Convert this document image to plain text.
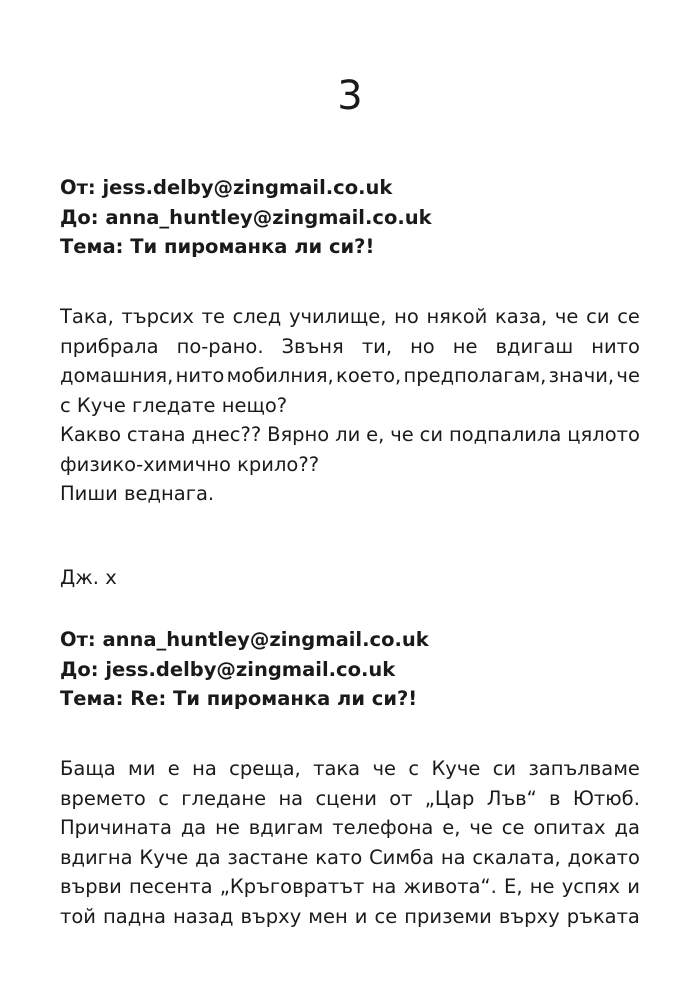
3
От: jess.delby@zingmail.co.uk
До: anna_huntley@zingmail.co.uk
Тема: Ти пироманка ли си?!
Така, търсих те след училище, но някой каза, че си се
прибрала по-рано. Звъня ти, но не вдигаш нито
домашния, нито мобилния, което, предполагам, значи, че
с Куче гледате нещо?
Какво стана днес?? Вярно ли е, че си подпалила цялото
физико-химично крило??
Пиши веднага.
Дж. х
От: anna_huntley@zingmail.co.uk
До: jess.delby@zingmail.co.uk
Тема: Re: Ти пироманка ли си?!
Баща ми е на среща, така че с Куче си запълваме
времето с гледане на сцени от „Цар Лъв“ в Ютюб.
Причината да не вдигам телефона е, че се опитах да
вдигна Куче да застане като Симба на скалата, докато
върви песента „Кръговратът на живота“. Е, не успях и
той падна назад върху мен и се приземи върху ръката
